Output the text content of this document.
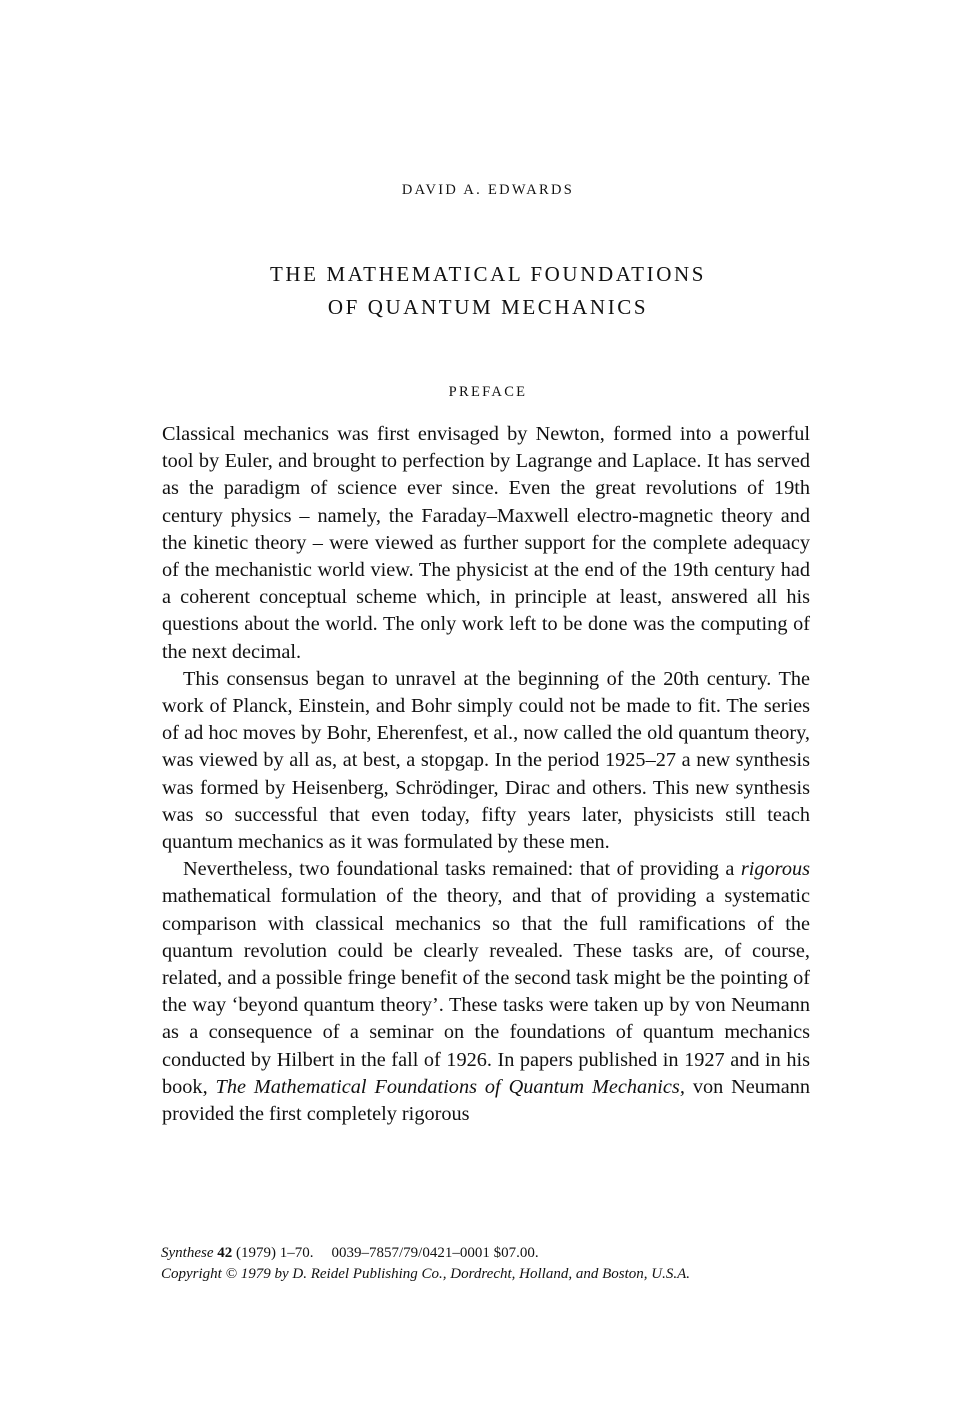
DAVID A. EDWARDS
THE MATHEMATICAL FOUNDATIONS
OF QUANTUM MECHANICS
PREFACE

Classical mechanics was first envisaged by Newton, formed into a powerful tool by Euler, and brought to perfection by Lagrange and Laplace. It has served as the paradigm of science ever since. Even the great revolutions of 19th century physics – namely, the Faraday–Maxwell electro-magnetic theory and the kinetic theory – were viewed as further support for the complete adequacy of the mechanistic world view. The physicist at the end of the 19th century had a coherent conceptual scheme which, in principle at least, answered all his questions about the world. The only work left to be done was the computing of the next decimal.

This consensus began to unravel at the beginning of the 20th century. The work of Planck, Einstein, and Bohr simply could not be made to fit. The series of ad hoc moves by Bohr, Eherenfest, et al., now called the old quantum theory, was viewed by all as, at best, a stopgap. In the period 1925–27 a new synthesis was formed by Heisenberg, Schrödinger, Dirac and others. This new synthesis was so successful that even today, fifty years later, physicists still teach quantum mechanics as it was formulated by these men.

Nevertheless, two foundational tasks remained: that of providing a rigorous mathematical formulation of the theory, and that of providing a systematic comparison with classical mechanics so that the full ramifications of the quantum revolution could be clearly revealed. These tasks are, of course, related, and a possible fringe benefit of the second task might be the pointing of the way ‘beyond quantum theory’. These tasks were taken up by von Neumann as a consequence of a seminar on the foundations of quantum mechanics conducted by Hilbert in the fall of 1926. In papers published in 1927 and in his book, The Mathematical Foundations of Quantum Mechanics, von Neumann provided the first completely rigorous

Synthese 42 (1979) 1–70. 0039–7857/79/0421–0001 $07.00.
Copyright © 1979 by D. Reidel Publishing Co., Dordrecht, Holland, and Boston, U.S.A.
